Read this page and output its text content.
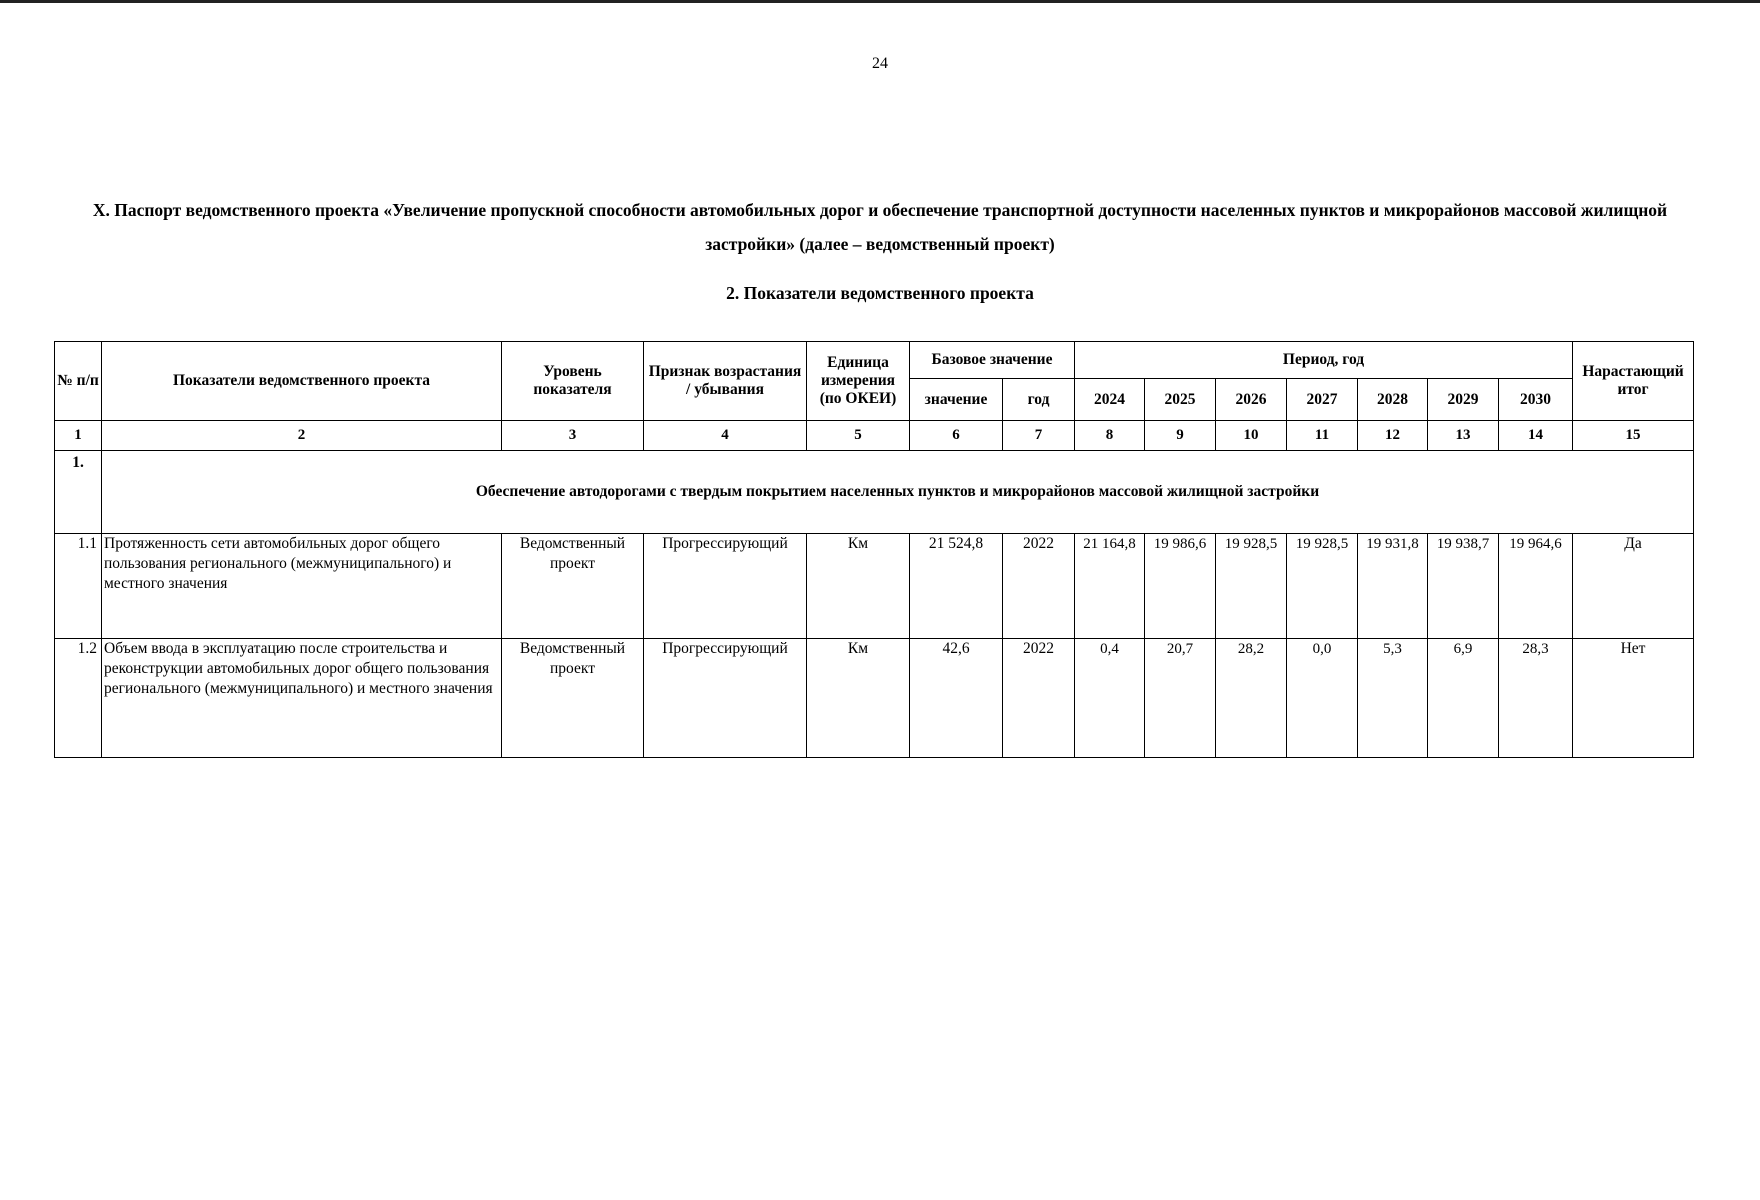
24
X. Паспорт ведомственного проекта «Увеличение пропускной способности автомобильных дорог и обеспечение транспортной доступности населенных пунктов и микрорайонов массовой жилищной застройки» (далее – ведомственный проект)
2. Показатели ведомственного проекта
№ п/п	Показатели ведомственного проекта	Уровень показателя	Признак возрастания / убывания	Единица измерения (по ОКЕИ)	Базовое значение		Период, год							Нарастающий итог
					значение	год	2024	2025	2026	2027	2028	2029	2030	
1	2	3	4	5	6	7	8	9	10	11	12	13	14	15
1.	Обеспечение автодорогами с твердым покрытием населенных пунктов и микрорайонов массовой жилищной застройки													
1.1	Протяженность сети автомобильных дорог общего пользования регионального (межмуниципального) и местного значения	Ведомственный проект	Прогрессирующий	Км	21 524,8	2022	21 164,8	19 986,6	19 928,5	19 928,5	19 931,8	19 938,7	19 964,6	Да
1.2	Объем ввода в эксплуатацию после строительства и реконструкции автомобильных дорог общего пользования регионального (межмуниципального) и местного значения	Ведомственный проект	Прогрессирующий	Км	42,6	2022	0,4	20,7	28,2	0,0	5,3	6,9	28,3	Нет
